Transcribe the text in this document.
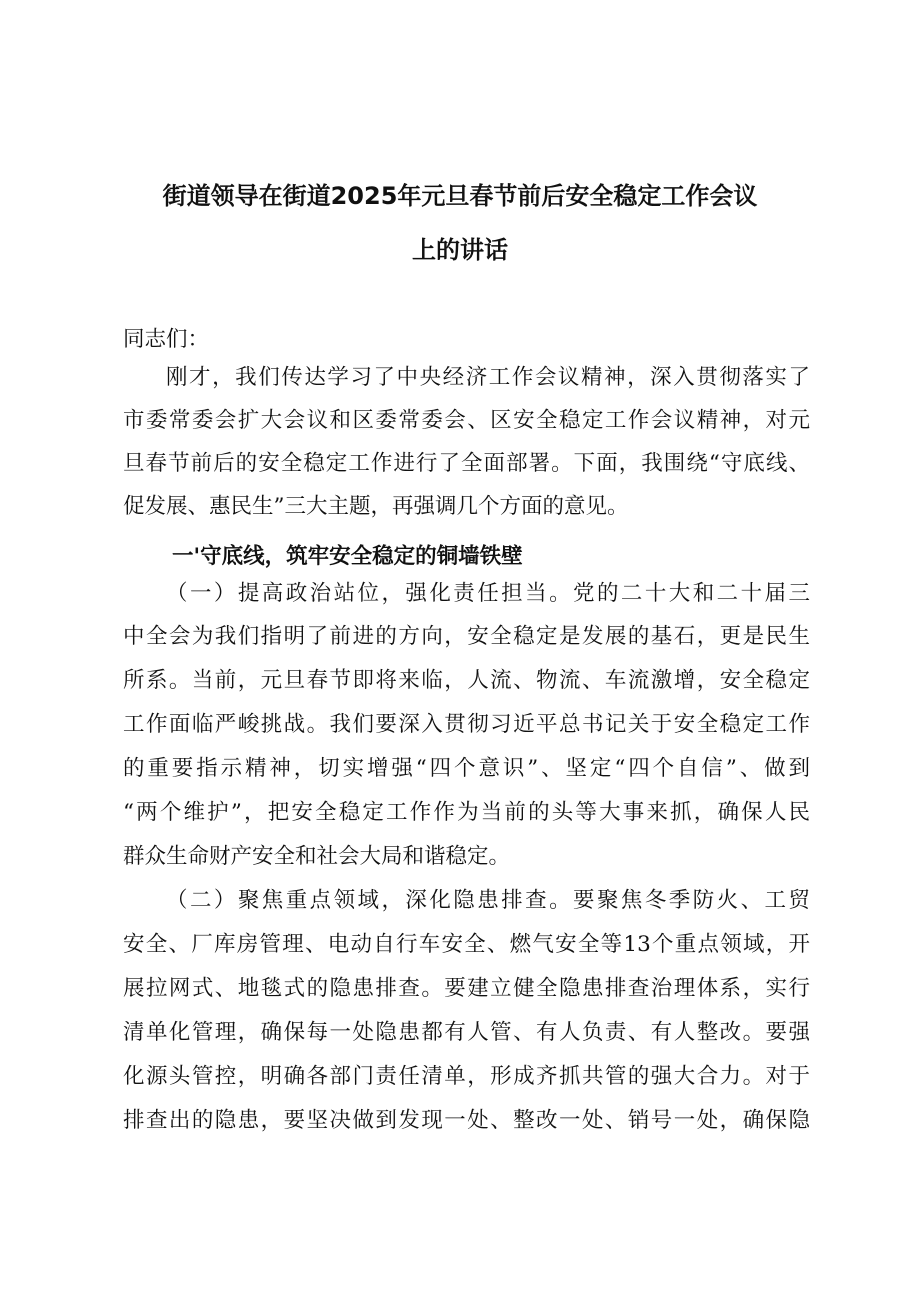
街道领导在街道2025年元旦春节前后安全稳定工作会议
上的讲话
同志们：
刚才，我们传达学习了中央经济工作会议精神，深入贯彻落实了
市委常委会扩大会议和区委常委会、区安全稳定工作会议精神，对元
旦春节前后的安全稳定工作进行了全面部署。下面，我围绕“守底线、
促发展、惠民生”三大主题，再强调几个方面的意见。
一'守底线，筑牢安全稳定的铜墙铁壁
（一）提高政治站位，强化责任担当。党的二十大和二十届三
中全会为我们指明了前进的方向，安全稳定是发展的基石，更是民生
所系。当前，元旦春节即将来临，人流、物流、车流激增，安全稳定
工作面临严峻挑战。我们要深入贯彻习近平总书记关于安全稳定工作
的重要指示精神，切实增强“四个意识”、坚定“四个自信”、做到
“两个维护”，把安全稳定工作作为当前的头等大事来抓，确保人民
群众生命财产安全和社会大局和谐稳定。
（二）聚焦重点领域，深化隐患排查。要聚焦冬季防火、工贸
安全、厂库房管理、电动自行车安全、燃气安全等13个重点领域，开
展拉网式、地毯式的隐患排查。要建立健全隐患排查治理体系，实行
清单化管理，确保每一处隐患都有人管、有人负责、有人整改。要强
化源头管控，明确各部门责任清单，形成齐抓共管的强大合力。对于
排查出的隐患，要坚决做到发现一处、整改一处、销号一处，确保隐
